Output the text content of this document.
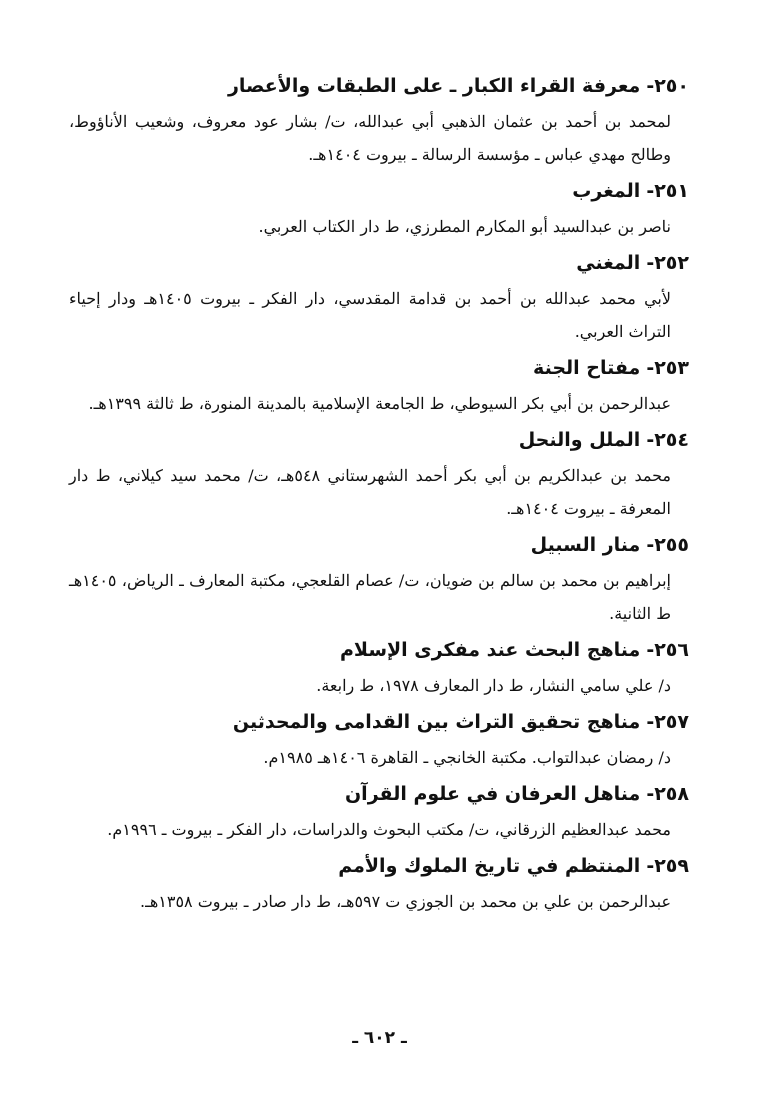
٢٥٠-معرفة القراء الكبار ـ على الطبقات والأعصار
لمحمد بن أحمد بن عثمان الذهبي أبي عبدالله، ت/ بشار عود معروف، وشعيب الأناؤوط، وطالح مهدي عباس ـ مؤسسة الرسالة ـ بيروت ١٤٠٤هـ.
٢٥١-المغرب
ناصر بن عبدالسيد أبو المكارم المطرزي، ط دار الكتاب العربي.
٢٥٢-المغني
لأبي محمد عبدالله بن أحمد بن قدامة المقدسي، دار الفكر ـ بيروت ١٤٠٥هـ ودار إحياء التراث العربي.
٢٥٣-مفتاح الجنة
عبدالرحمن بن أبي بكر السيوطي، ط الجامعة الإسلامية بالمدينة المنورة، ط ثالثة ١٣٩٩هـ.
٢٥٤-الملل والنحل
محمد بن عبدالكريم بن أبي بكر أحمد الشهرستاني ٥٤٨هـ، ت/ محمد سيد كيلاني، ط دار المعرفة ـ بيروت ١٤٠٤هـ.
٢٥٥-منار السبيل
إبراهيم بن محمد بن سالم بن ضويان، ت/ عصام القلعجي، مكتبة المعارف ـ الرياض، ١٤٠٥هـ ط الثانية.
٢٥٦-مناهج البحث عند مفكرى الإسلام
د/ علي سامي النشار، ط دار المعارف ١٩٧٨، ط رابعة.
٢٥٧-مناهج تحقيق التراث بين القدامى والمحدثين
د/ رمضان عبدالتواب. مكتبة الخانجي ـ القاهرة ١٤٠٦هـ ١٩٨٥م.
٢٥٨-مناهل العرفان في علوم القرآن
محمد عبدالعظيم الزرقاني، ت/ مكتب البحوث والدراسات، دار الفكر ـ بيروت ـ ١٩٩٦م.
٢٥٩-المنتظم في تاريخ الملوك والأمم
عبدالرحمن بن علي بن محمد بن الجوزي ت ٥٩٧هـ، ط دار صادر ـ بيروت ١٣٥٨هـ.
ـ ٦٠٢ ـ
